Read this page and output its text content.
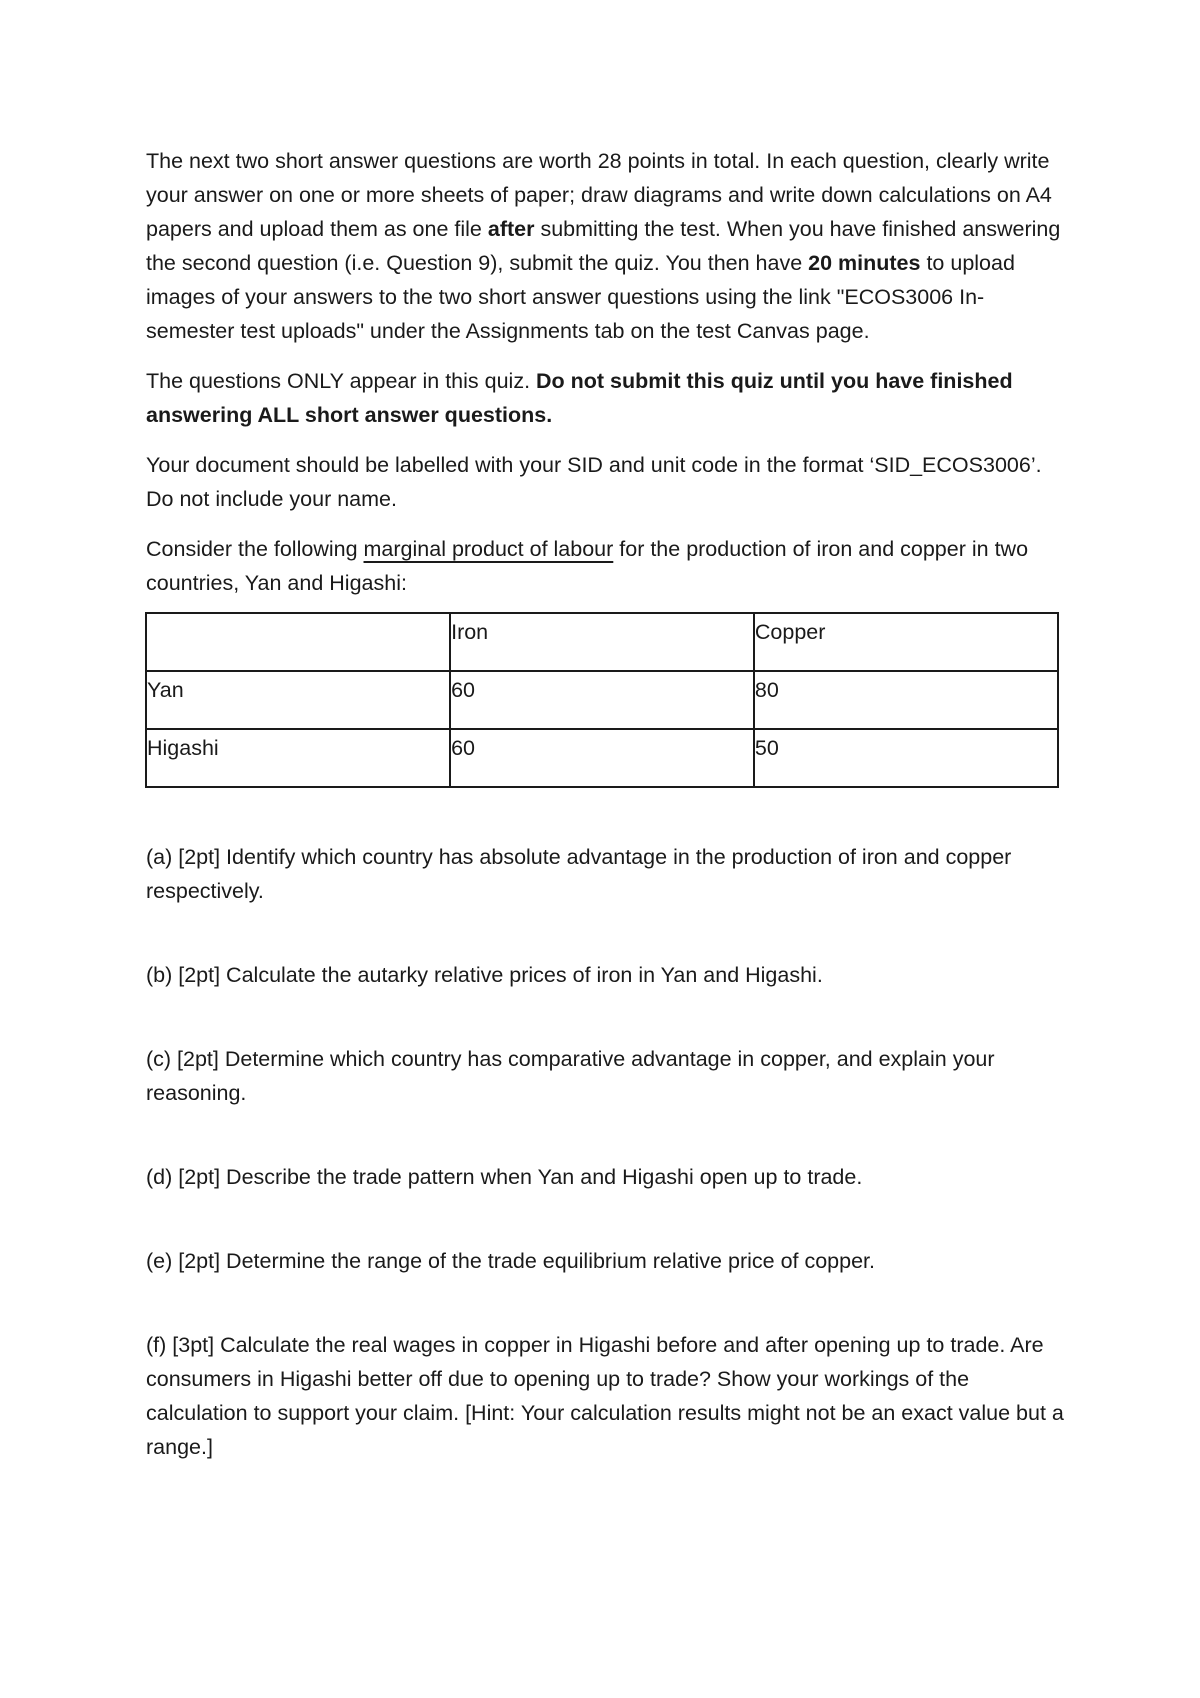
The next two short answer questions are worth 28 points in total. In each question, clearly write your answer on one or more sheets of paper; draw diagrams and write down calculations on A4 papers and upload them as one file after submitting the test. When you have finished answering the second question (i.e. Question 9), submit the quiz. You then have 20 minutes to upload images of your answers to the two short answer questions using the link "ECOS3006 In-semester test uploads" under the Assignments tab on the test Canvas page.

The questions ONLY appear in this quiz. Do not submit this quiz until you have finished answering ALL short answer questions.

Your document should be labelled with your SID and unit code in the format ‘SID_ECOS3006’. Do not include your name.

Consider the following marginal product of labour for the production of iron and copper in two countries, Yan and Higashi:

	Iron	Copper
Yan	60	80
Higashi	60	50

(a) [2pt] Identify which country has absolute advantage in the production of iron and copper respectively.

(b) [2pt] Calculate the autarky relative prices of iron in Yan and Higashi.

(c) [2pt] Determine which country has comparative advantage in copper, and explain your reasoning.

(d) [2pt] Describe the trade pattern when Yan and Higashi open up to trade.

(e) [2pt] Determine the range of the trade equilibrium relative price of copper.

(f) [3pt] Calculate the real wages in copper in Higashi before and after opening up to trade. Are consumers in Higashi better off due to opening up to trade? Show your workings of the calculation to support your claim. [Hint: Your calculation results might not be an exact value but a range.]
